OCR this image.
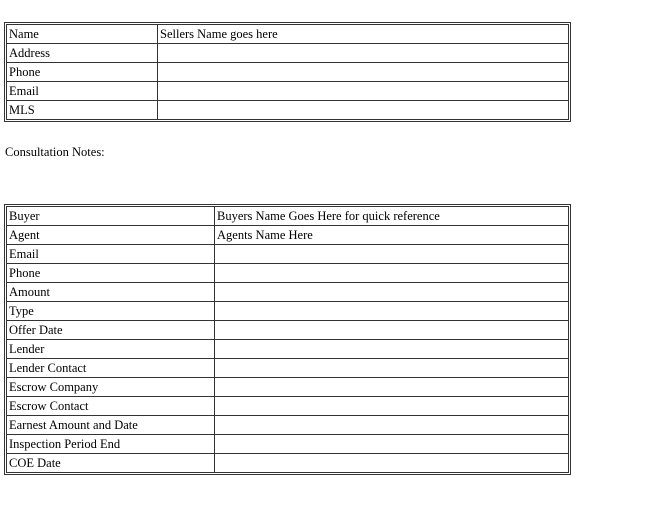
Name	Sellers Name goes here
Address	
Phone	
Email	
MLS	
Consultation Notes:
Buyer	Buyers Name Goes Here for quick reference
Agent	Agents Name Here
Email	
Phone	
Amount	
Type	
Offer Date	
Lender	
Lender Contact	
Escrow Company	
Escrow Contact	
Earnest Amount and Date	
Inspection Period End	
COE Date	
